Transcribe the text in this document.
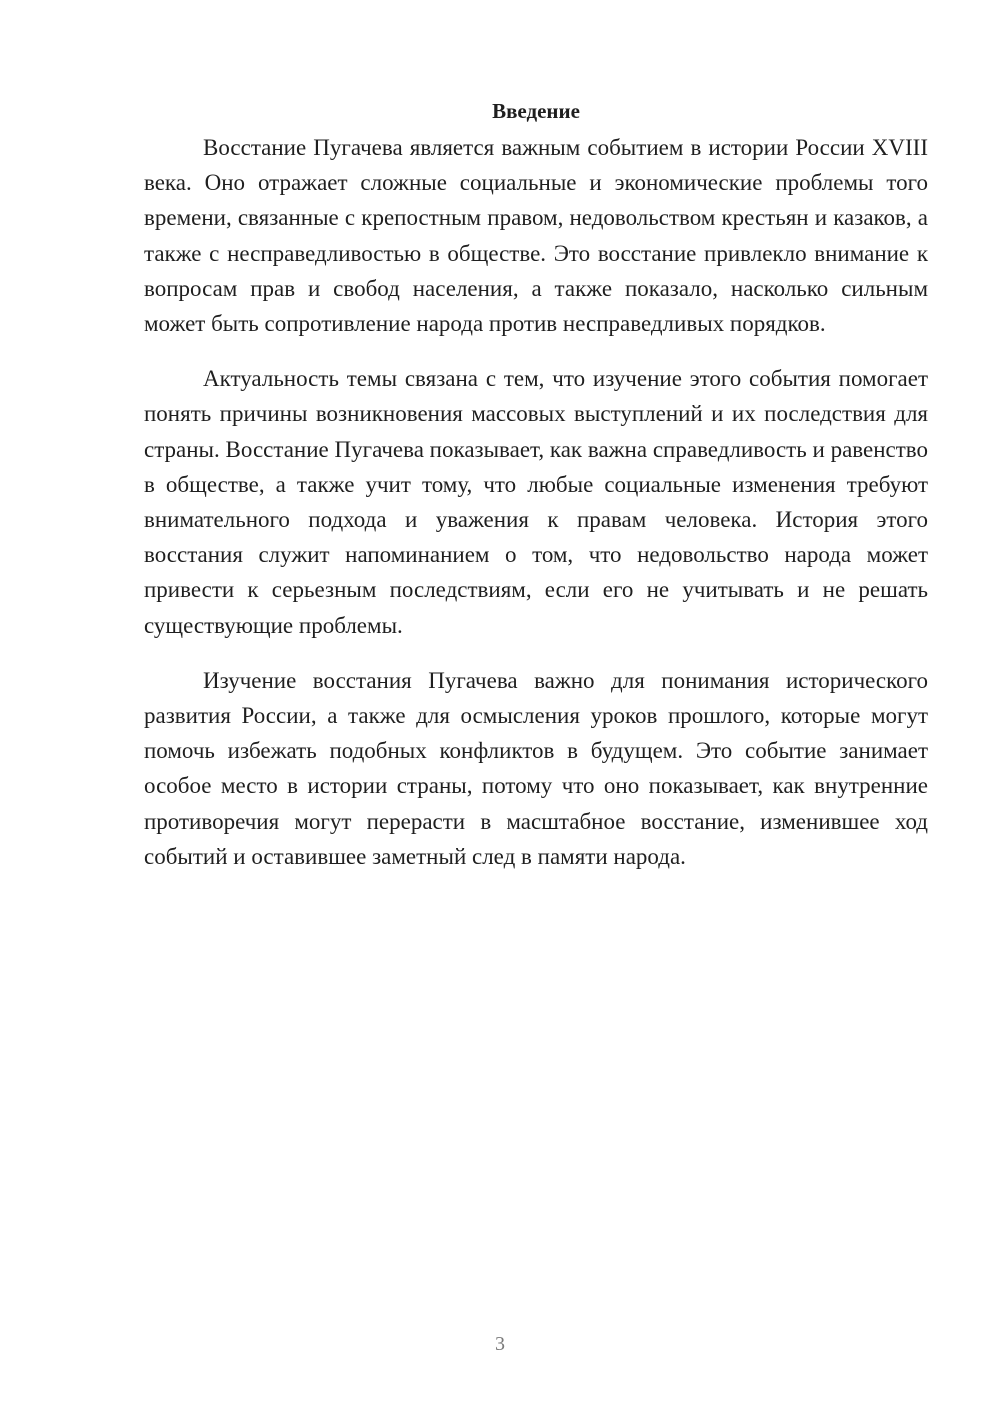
Введение

Восстание Пугачева является важным событием в истории России XVIII века. Оно отражает сложные социальные и экономические проблемы того времени, связанные с крепостным правом, недовольством крестьян и казаков, а также с несправедливостью в обществе. Это восстание привлекло внимание к вопросам прав и свобод населения, а также показало, насколько сильным может быть сопротивление народа против несправедливых порядков.

Актуальность темы связана с тем, что изучение этого события помогает понять причины возникновения массовых выступлений и их последствия для страны. Восстание Пугачева показывает, как важна справедливость и равенство в обществе, а также учит тому, что любые социальные изменения требуют внимательного подхода и уважения к правам человека. История этого восстания служит напоминанием о том, что недовольство народа может привести к серьезным последствиям, если его не учитывать и не решать существующие проблемы.

Изучение восстания Пугачева важно для понимания исторического развития России, а также для осмысления уроков прошлого, которые могут помочь избежать подобных конфликтов в будущем. Это событие занимает особое место в истории страны, потому что оно показывает, как внутренние противоречия могут перерасти в масштабное восстание, изменившее ход событий и оставившее заметный след в памяти народа.

3
